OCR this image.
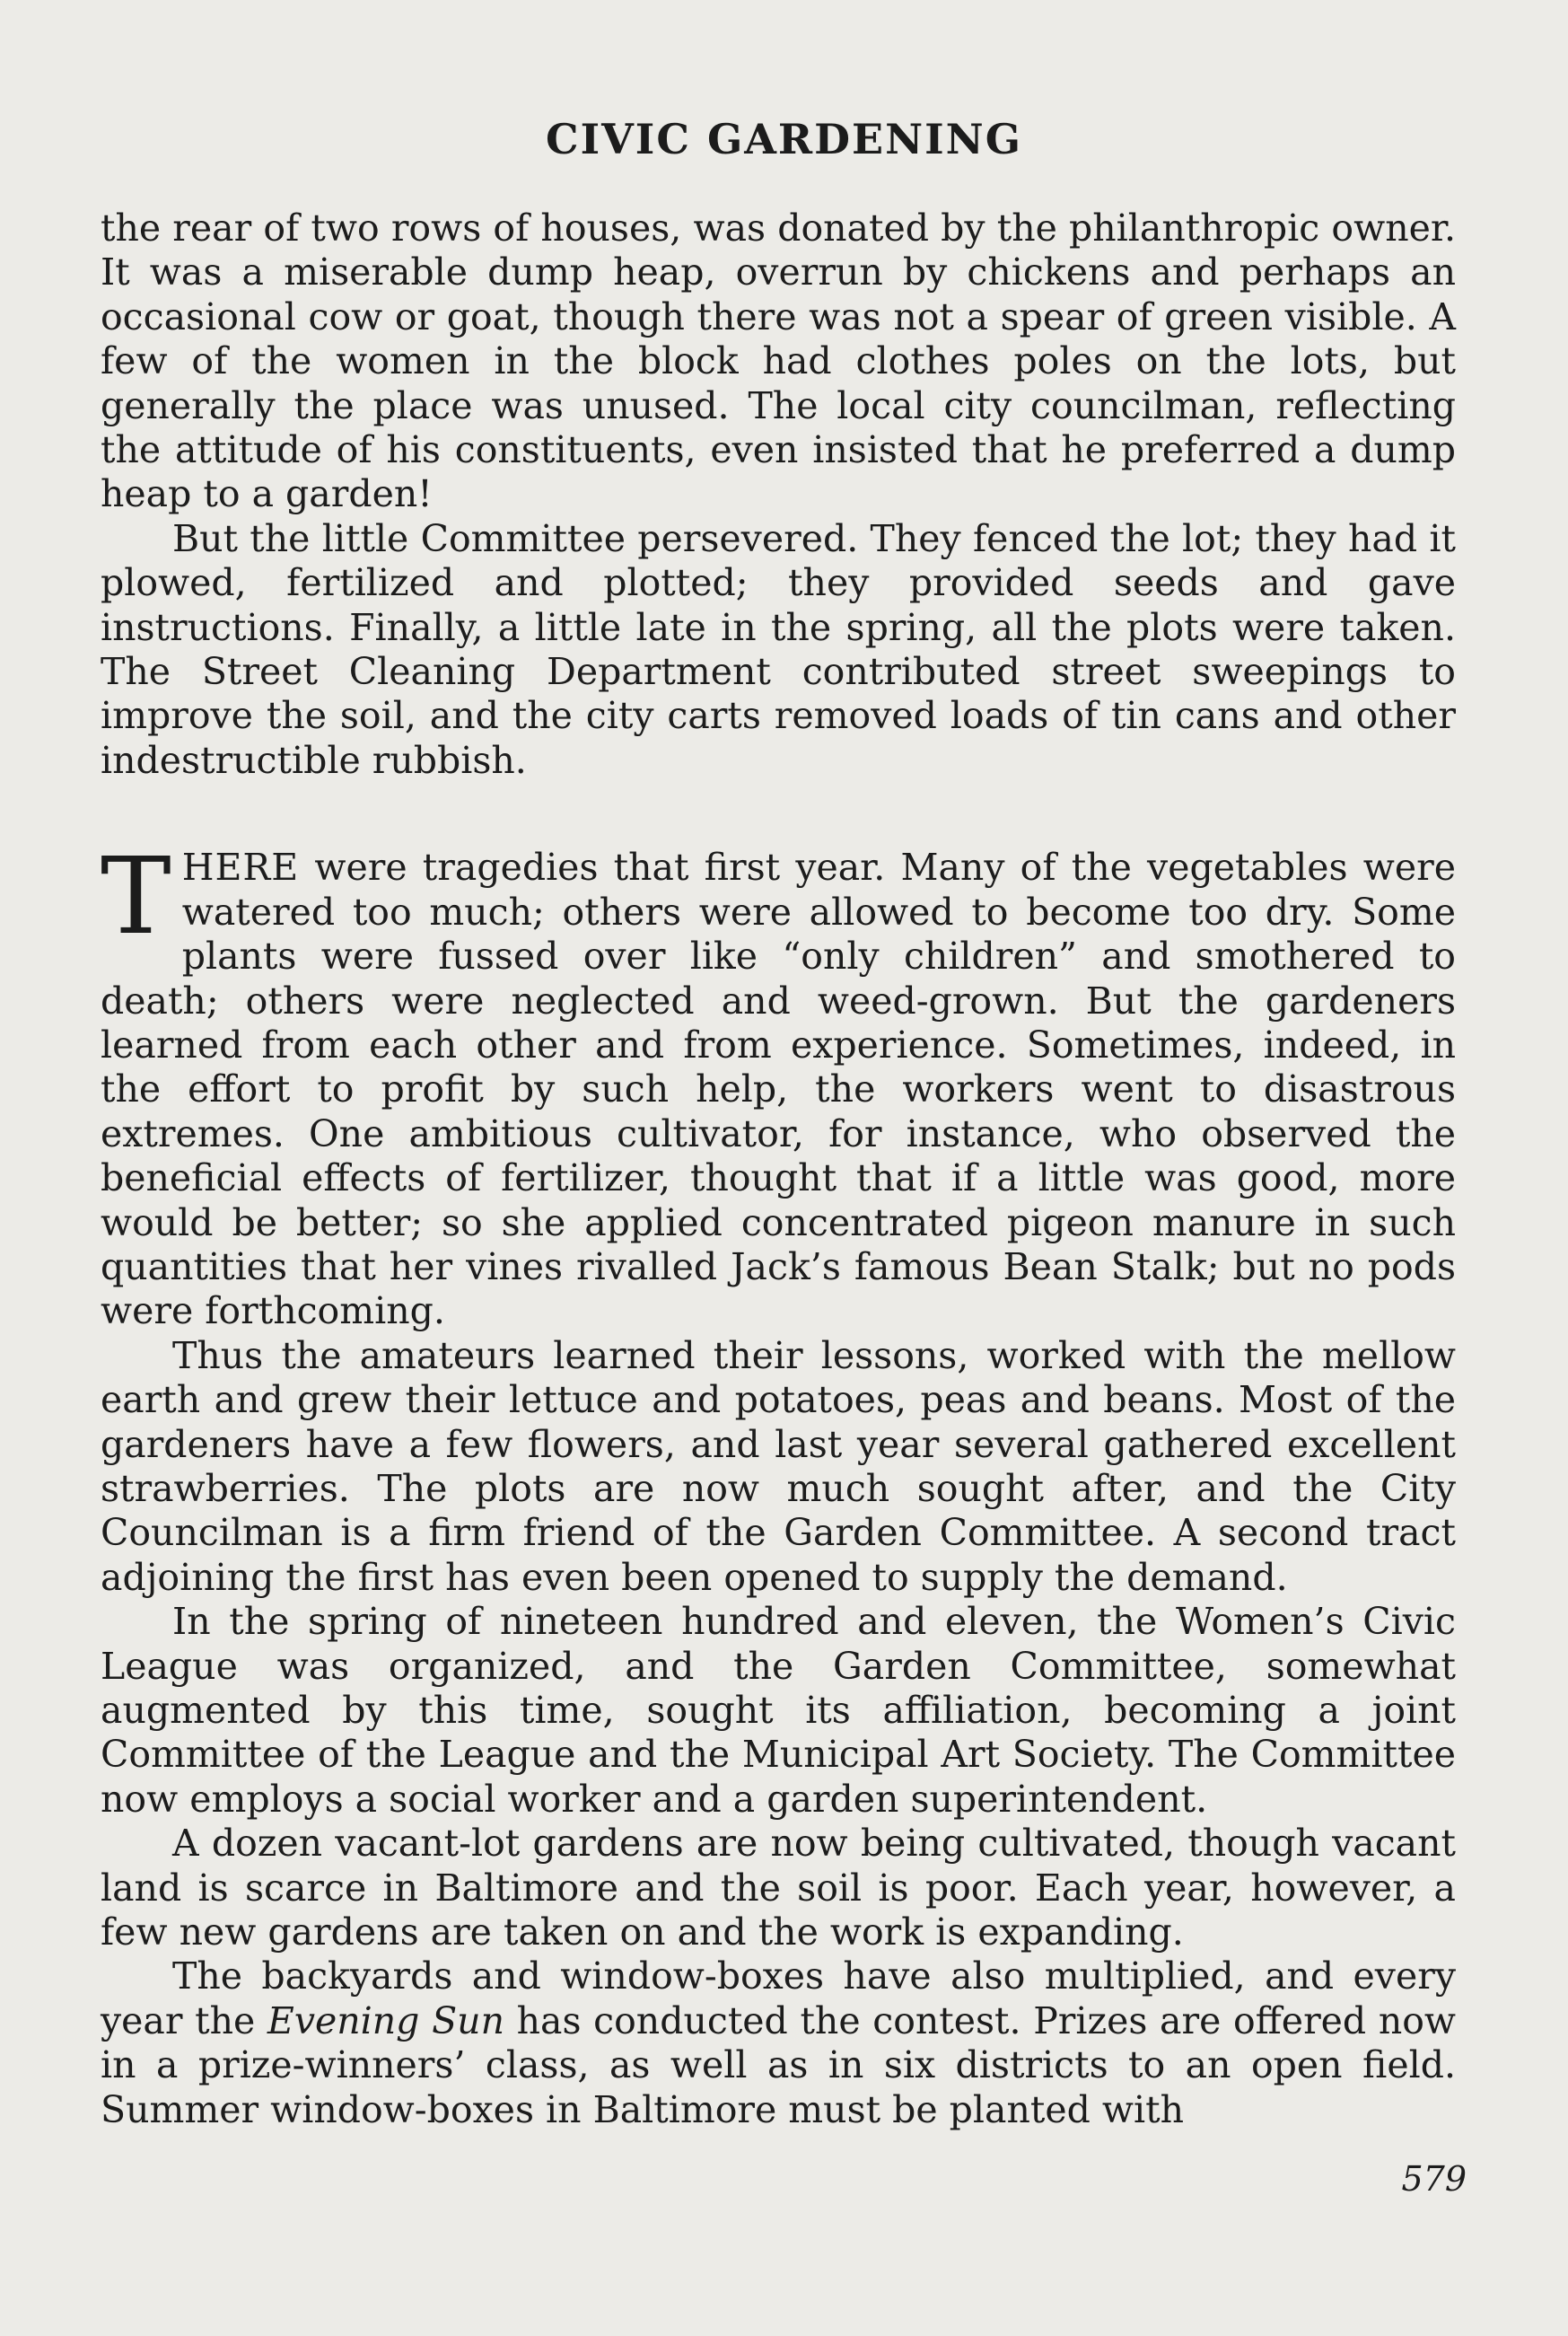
CIVIC GARDENING

the rear of two rows of houses, was donated by the philanthropic owner. It was a miserable dump heap, overrun by chickens and perhaps an occasional cow or goat, though there was not a spear of green visible. A few of the women in the block had clothes poles on the lots, but generally the place was unused. The local city councilman, reflecting the attitude of his constituents, even insisted that he preferred a dump heap to a garden!

But the little Committee persevered. They fenced the lot; they had it plowed, fertilized and plotted; they provided seeds and gave instructions. Finally, a little late in the spring, all the plots were taken. The Street Cleaning Department contributed street sweepings to improve the soil, and the city carts removed loads of tin cans and other indestructible rubbish.

THERE were tragedies that first year. Many of the vegetables were watered too much; others were allowed to become too dry. Some plants were fussed over like “only children” and smothered to death; others were neglected and weed-grown. But the gardeners learned from each other and from experience. Sometimes, indeed, in the effort to profit by such help, the workers went to disastrous extremes. One ambitious cultivator, for instance, who observed the beneficial effects of fertilizer, thought that if a little was good, more would be better; so she applied concentrated pigeon manure in such quantities that her vines rivalled Jack’s famous Bean Stalk; but no pods were forthcoming.

Thus the amateurs learned their lessons, worked with the mellow earth and grew their lettuce and potatoes, peas and beans. Most of the gardeners have a few flowers, and last year several gathered excellent strawberries. The plots are now much sought after, and the City Councilman is a firm friend of the Garden Committee. A second tract adjoining the first has even been opened to supply the demand.

In the spring of nineteen hundred and eleven, the Women’s Civic League was organized, and the Garden Committee, somewhat augmented by this time, sought its affiliation, becoming a joint Committee of the League and the Municipal Art Society. The Committee now employs a social worker and a garden superintendent.

A dozen vacant-lot gardens are now being cultivated, though vacant land is scarce in Baltimore and the soil is poor. Each year, however, a few new gardens are taken on and the work is expanding.

The backyards and window-boxes have also multiplied, and every year the Evening Sun has conducted the contest. Prizes are offered now in a prize-winners’ class, as well as in six districts to an open field. Summer window-boxes in Baltimore must be planted with

579
